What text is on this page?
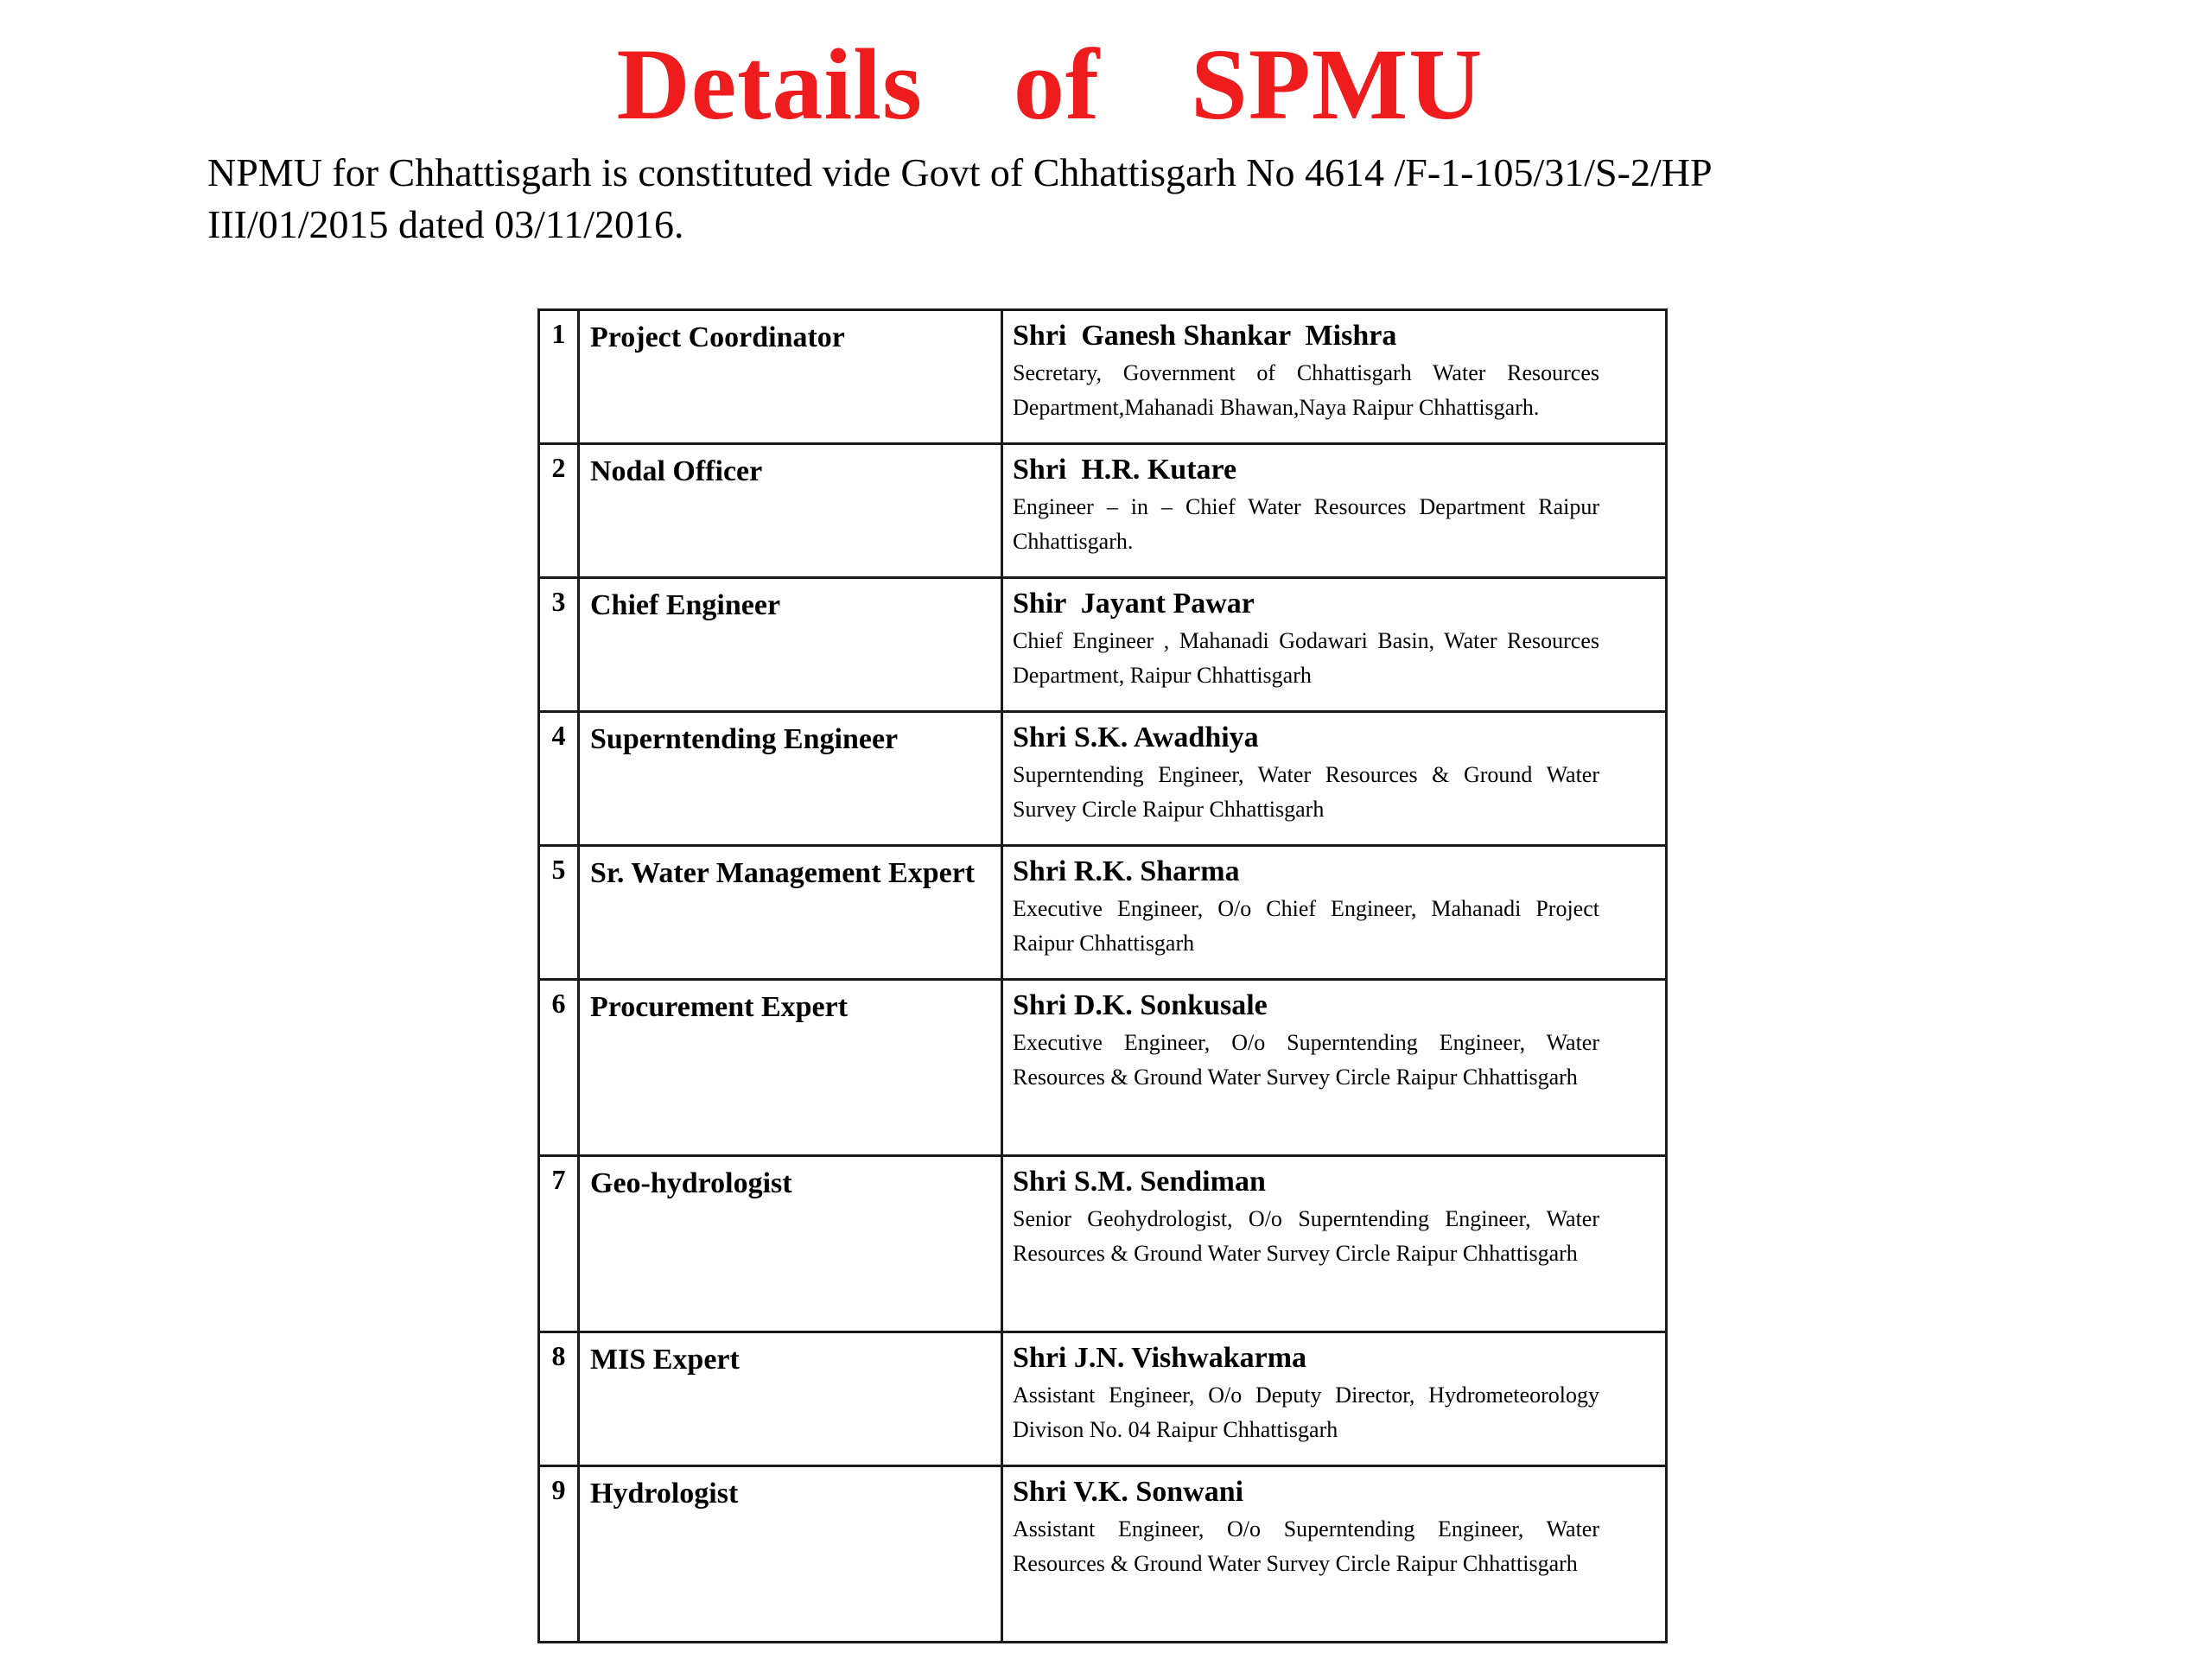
Details  of  SPMU
NPMU for Chhattisgarh is constituted vide Govt of Chhattisgarh No 4614 /F-1-105/31/S-2/HP
III/01/2015 dated 03/11/2016.
1	Project Coordinator	Shri  Ganesh Shankar  Mishra
Secretary, Government of Chhattisgarh Water Resources Department,Mahanadi Bhawan,Naya Raipur Chhattisgarh.

2	Nodal Officer	Shri  H.R. Kutare
Engineer – in – Chief Water Resources Department Raipur Chhattisgarh.

3	Chief Engineer	Shir  Jayant Pawar
Chief Engineer , Mahanadi Godawari Basin, Water Resources Department, Raipur Chhattisgarh

4	Superntending Engineer	Shri S.K. Awadhiya
Superntending Engineer, Water Resources & Ground Water Survey Circle Raipur Chhattisgarh

5	Sr. Water Management Expert	Shri R.K. Sharma
Executive Engineer, O/o Chief Engineer, Mahanadi Project Raipur Chhattisgarh

6	Procurement Expert	Shri D.K. Sonkusale
Executive Engineer, O/o Superntending Engineer, Water Resources & Ground Water Survey Circle Raipur Chhattisgarh

7	Geo-hydrologist	Shri S.M. Sendiman
Senior Geohydrologist, O/o Superntending Engineer, Water Resources & Ground Water Survey Circle Raipur Chhattisgarh

8	MIS Expert	Shri J.N. Vishwakarma
Assistant Engineer, O/o Deputy Director, Hydrometeorology Divison No. 04 Raipur Chhattisgarh

9	Hydrologist	Shri V.K. Sonwani
Assistant Engineer, O/o Superntending Engineer, Water Resources & Ground Water Survey Circle Raipur Chhattisgarh
